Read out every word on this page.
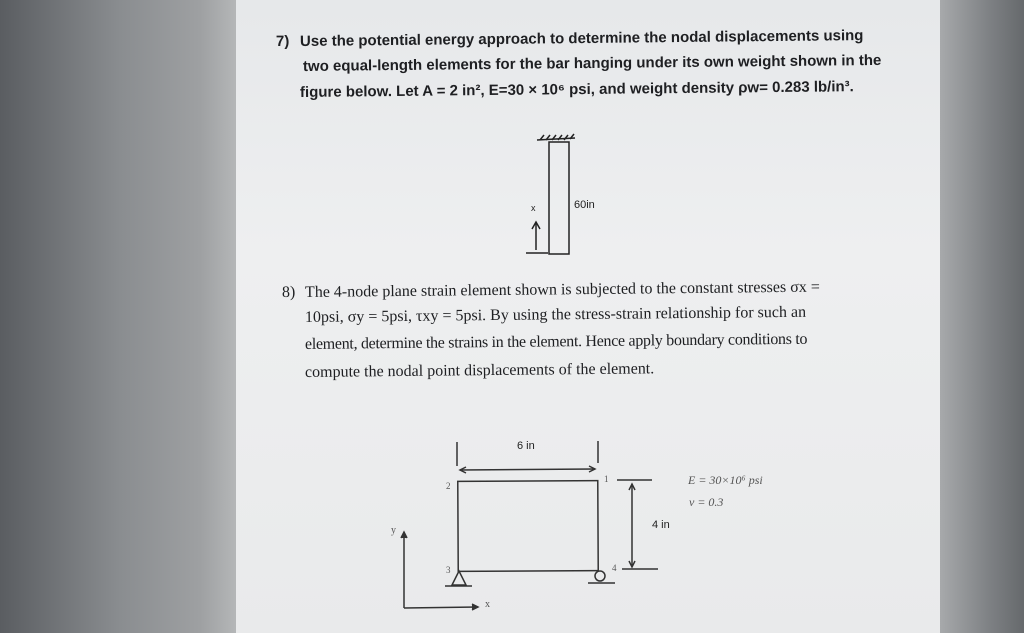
7) Use the potential energy approach to determine the nodal displacements using
two equal-length elements for the bar hanging under its own weight shown in the
figure below. Let A = 2 in², E=30 × 10⁶ psi, and weight density ρw= 0.283 lb/in³.
60in
x
8) The 4-node plane strain element shown is subjected to the constant stresses σx =
10psi, σy = 5psi, τxy = 5psi. By using the stress-strain relationship for such an
element, determine the strains in the element. Hence apply boundary conditions to
compute the nodal point displacements of the element.
6 in
4 in
1
2
3	4
E = 30×10⁶ psi
ν = 0.3
y
x
